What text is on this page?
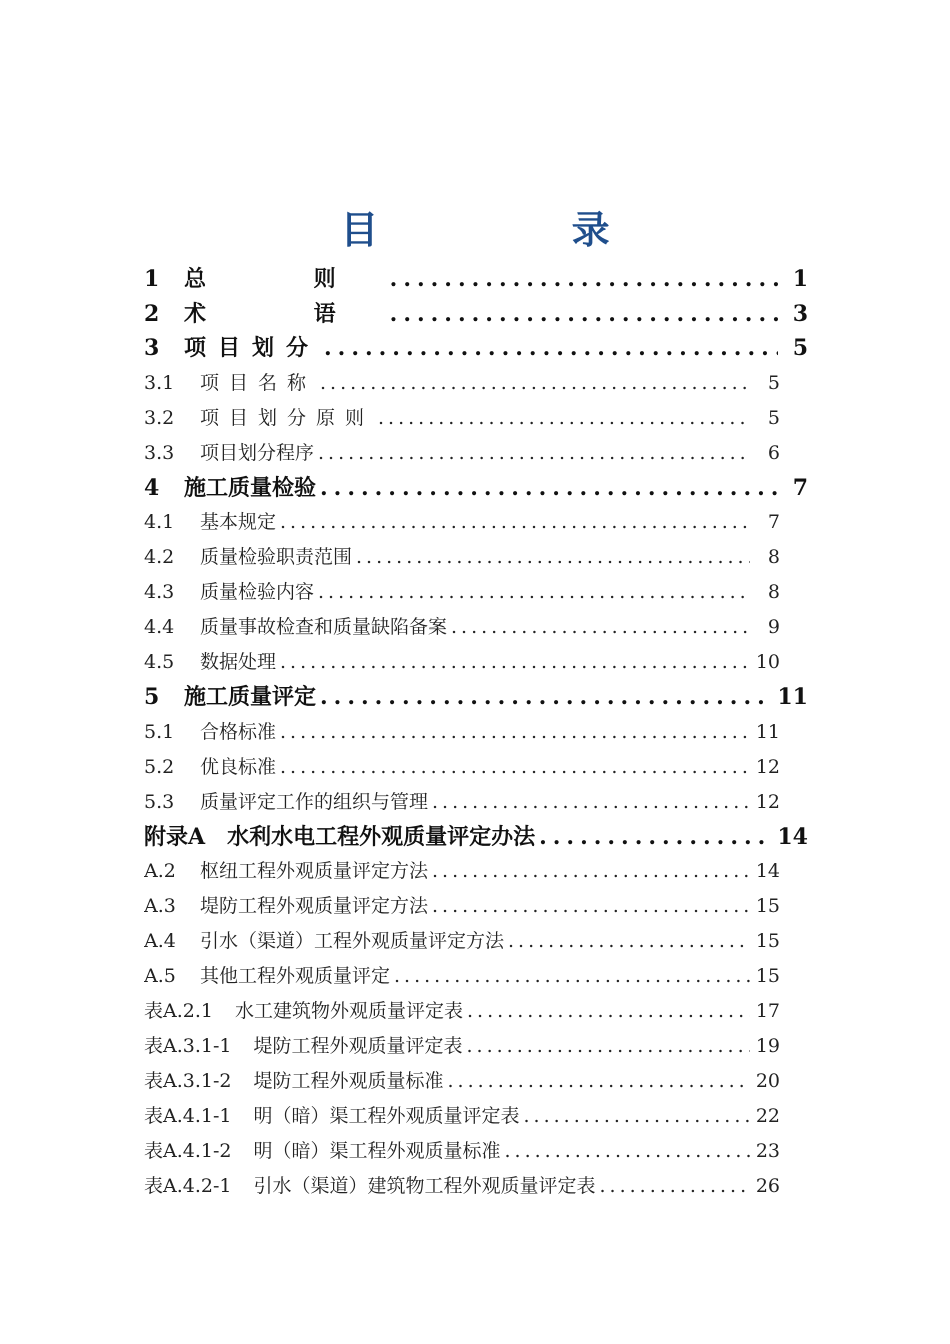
目 录
1	总 则 .....	1
2	术 语 .....	3
3	项目划分 .....	5
3.1	项目名称 .....	5
3.2	项目划分原则 .....	5
3.3	项目划分程序 .....	6
4	施工质量检验 .....	7
4.1	基本规定 .....	7
4.2	质量检验职责范围 .....	8
4.3	质量检验内容 .....	8
4.4	质量事故检查和质量缺陷备案 .....	9
4.5	数据处理 .....	10
5	施工质量评定 .....	11
5.1	合格标准 .....	11
5.2	优良标准 .....	12
5.3	质量评定工作的组织与管理 .....	12
附录A 水利水电工程外观质量评定办法 .....	14
A.2	枢纽工程外观质量评定方法 .....	14
A.3	堤防工程外观质量评定方法 .....	15
A.4	引水（渠道）工程外观质量评定方法 .....	15
A.5	其他工程外观质量评定 .....	15
表A.2.1 水工建筑物外观质量评定表 .....	17
表A.3.1-1 堤防工程外观质量评定表 .....	19
表A.3.1-2 堤防工程外观质量标准 .....	20
表A.4.1-1 明（暗）渠工程外观质量评定表 .....	22
表A.4.1-2 明（暗）渠工程外观质量标准 .....	23
表A.4.2-1 引水（渠道）建筑物工程外观质量评定表 .....	26
